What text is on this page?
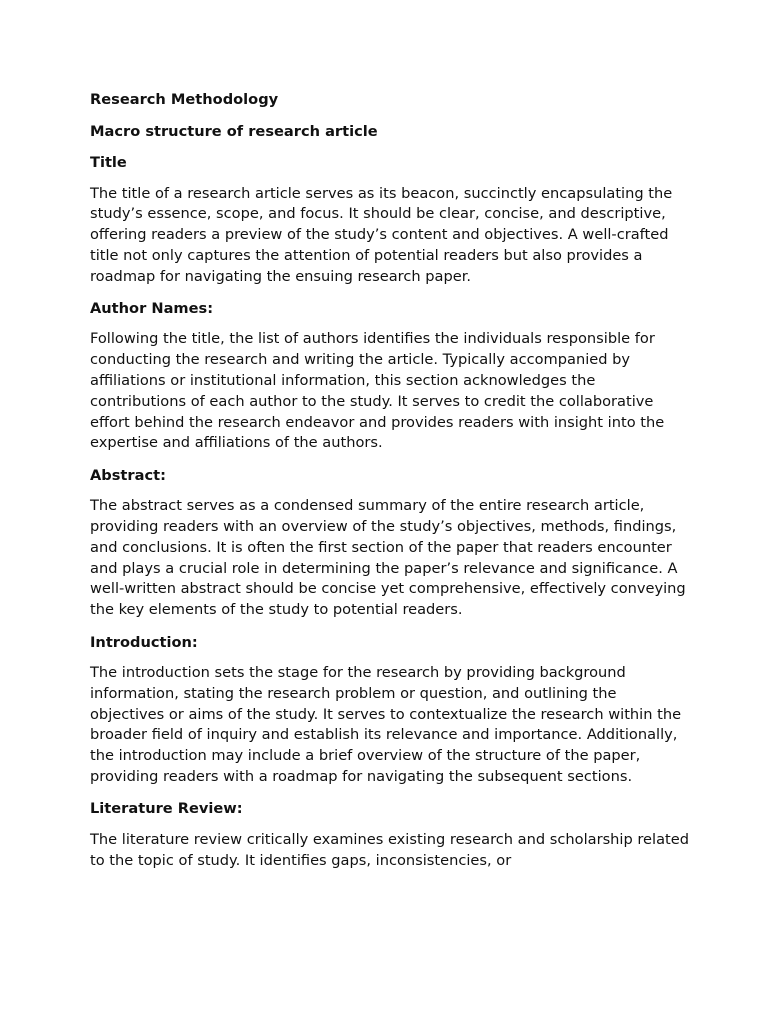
Research Methodology

Macro structure of research article

Title

The title of a research article serves as its beacon, succinctly encapsulating the study’s essence, scope, and focus. It should be clear, concise, and descriptive, offering readers a preview of the study’s content and objectives. A well-crafted title not only captures the attention of potential readers but also provides a roadmap for navigating the ensuing research paper.

Author Names:

Following the title, the list of authors identifies the individuals responsible for conducting the research and writing the article. Typically accompanied by affiliations or institutional information, this section acknowledges the contributions of each author to the study. It serves to credit the collaborative effort behind the research endeavor and provides readers with insight into the expertise and affiliations of the authors.

Abstract:

The abstract serves as a condensed summary of the entire research article, providing readers with an overview of the study’s objectives, methods, findings, and conclusions. It is often the first section of the paper that readers encounter and plays a crucial role in determining the paper’s relevance and significance. A well-written abstract should be concise yet comprehensive, effectively conveying the key elements of the study to potential readers.

Introduction:

The introduction sets the stage for the research by providing background information, stating the research problem or question, and outlining the objectives or aims of the study. It serves to contextualize the research within the broader field of inquiry and establish its relevance and importance. Additionally, the introduction may include a brief overview of the structure of the paper, providing readers with a roadmap for navigating the subsequent sections.

Literature Review:

The literature review critically examines existing research and scholarship related to the topic of study. It identifies gaps, inconsistencies, or
